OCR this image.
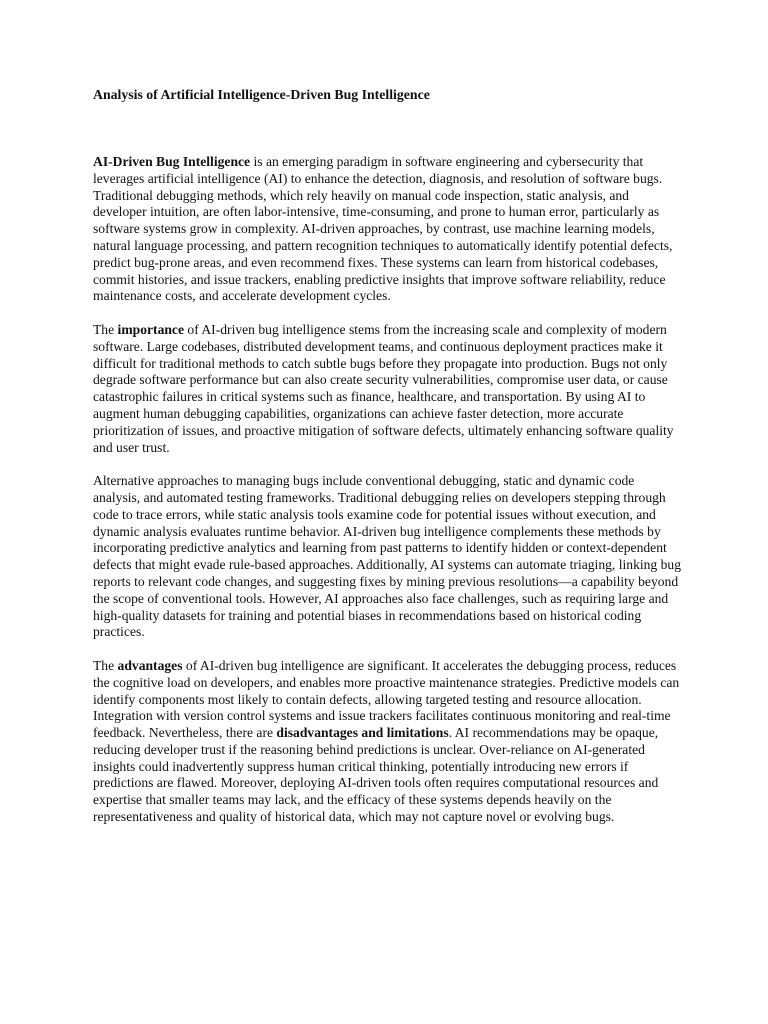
Analysis of Artificial Intelligence-Driven Bug Intelligence

AI-Driven Bug Intelligence is an emerging paradigm in software engineering and cybersecurity that leverages artificial intelligence (AI) to enhance the detection, diagnosis, and resolution of software bugs. Traditional debugging methods, which rely heavily on manual code inspection, static analysis, and developer intuition, are often labor-intensive, time-consuming, and prone to human error, particularly as software systems grow in complexity. AI-driven approaches, by contrast, use machine learning models, natural language processing, and pattern recognition techniques to automatically identify potential defects, predict bug-prone areas, and even recommend fixes. These systems can learn from historical codebases, commit histories, and issue trackers, enabling predictive insights that improve software reliability, reduce maintenance costs, and accelerate development cycles.

The importance of AI-driven bug intelligence stems from the increasing scale and complexity of modern software. Large codebases, distributed development teams, and continuous deployment practices make it difficult for traditional methods to catch subtle bugs before they propagate into production. Bugs not only degrade software performance but can also create security vulnerabilities, compromise user data, or cause catastrophic failures in critical systems such as finance, healthcare, and transportation. By using AI to augment human debugging capabilities, organizations can achieve faster detection, more accurate prioritization of issues, and proactive mitigation of software defects, ultimately enhancing software quality and user trust.

Alternative approaches to managing bugs include conventional debugging, static and dynamic code analysis, and automated testing frameworks. Traditional debugging relies on developers stepping through code to trace errors, while static analysis tools examine code for potential issues without execution, and dynamic analysis evaluates runtime behavior. AI-driven bug intelligence complements these methods by incorporating predictive analytics and learning from past patterns to identify hidden or context-dependent defects that might evade rule-based approaches. Additionally, AI systems can automate triaging, linking bug reports to relevant code changes, and suggesting fixes by mining previous resolutions—a capability beyond the scope of conventional tools. However, AI approaches also face challenges, such as requiring large and high-quality datasets for training and potential biases in recommendations based on historical coding practices.

The advantages of AI-driven bug intelligence are significant. It accelerates the debugging process, reduces the cognitive load on developers, and enables more proactive maintenance strategies. Predictive models can identify components most likely to contain defects, allowing targeted testing and resource allocation. Integration with version control systems and issue trackers facilitates continuous monitoring and real-time feedback. Nevertheless, there are disadvantages and limitations. AI recommendations may be opaque, reducing developer trust if the reasoning behind predictions is unclear. Over-reliance on AI-generated insights could inadvertently suppress human critical thinking, potentially introducing new errors if predictions are flawed. Moreover, deploying AI-driven tools often requires computational resources and expertise that smaller teams may lack, and the efficacy of these systems depends heavily on the representativeness and quality of historical data, which may not capture novel or evolving bugs.
